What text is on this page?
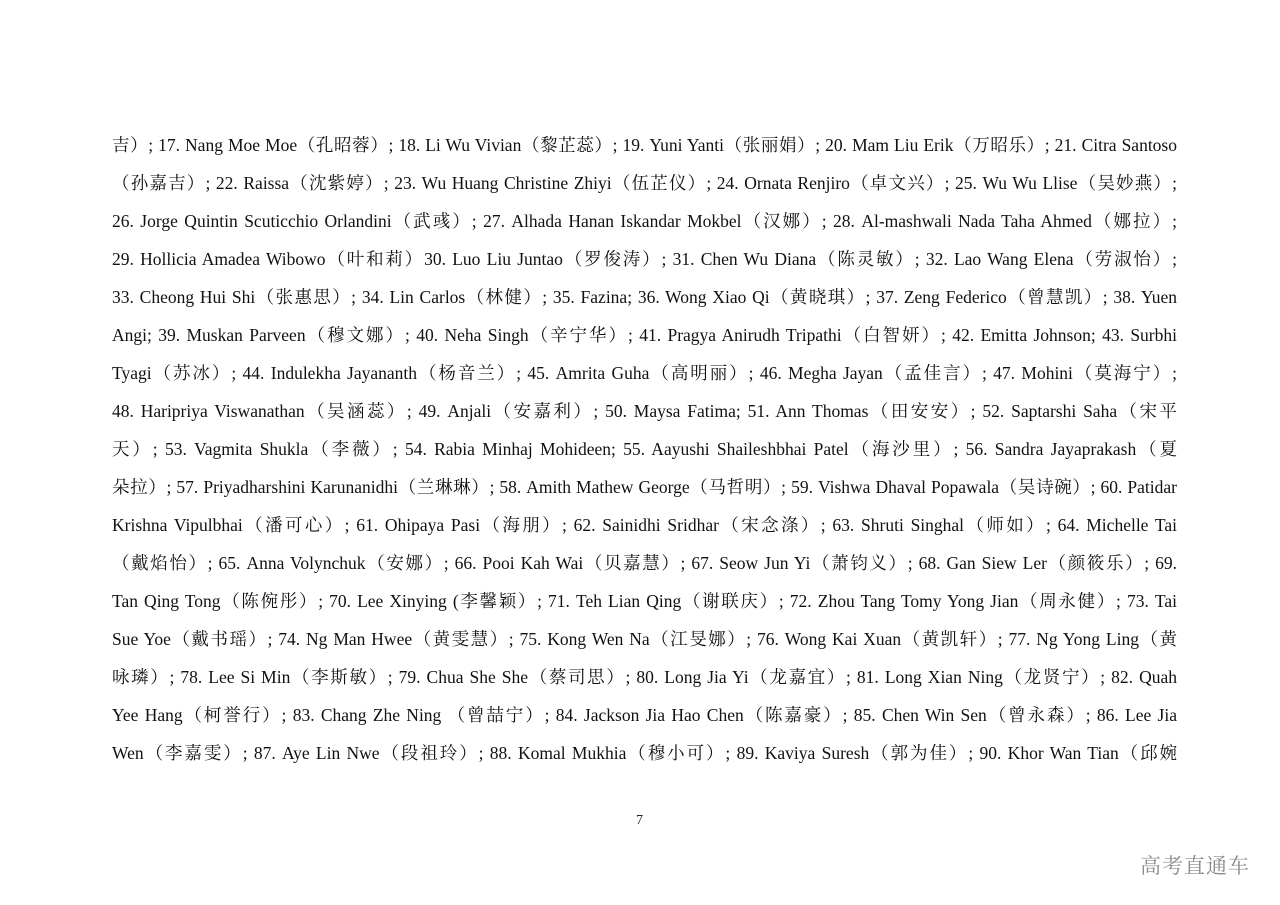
吉）; 17. Nang Moe Moe（孔昭蓉）; 18. Li Wu Vivian（黎芷蕊）; 19. Yuni Yanti（张丽娟）; 20. Mam Liu Erik（万昭乐）; 21. Citra Santoso
（孙嘉吉）; 22. Raissa（沈紫婷）; 23. Wu Huang Christine Zhiyi（伍芷仪）; 24. Ornata Renjiro（卓文兴）; 25. Wu Wu Llise（吴妙燕）;
26. Jorge Quintin Scuticchio Orlandini（武彧）; 27. Alhada Hanan Iskandar Mokbel（汉娜）; 28. Al-mashwali Nada Taha Ahmed（娜拉）;
29. Hollicia Amadea Wibowo（叶和莉）30. Luo Liu Juntao（罗俊涛）; 31. Chen Wu Diana（陈灵敏）; 32. Lao Wang Elena（劳淑怡）;
33. Cheong Hui Shi（张惠思）; 34. Lin Carlos（林健）; 35. Fazina; 36. Wong Xiao Qi（黄晓琪）; 37. Zeng Federico（曾慧凯）; 38. Yuen
Angi; 39. Muskan Parveen（穆文娜）; 40. Neha Singh（辛宁华）; 41. Pragya Anirudh Tripathi（白智妍）; 42. Emitta Johnson; 43. Surbhi
Tyagi（苏冰）; 44. Indulekha Jayananth（杨音兰）; 45. Amrita Guha（高明丽）; 46. Megha Jayan（孟佳言）; 47. Mohini（莫海宁）;
48. Haripriya Viswanathan（吴涵蕊）; 49. Anjali（安嘉利）; 50. Maysa Fatima; 51. Ann Thomas（田安安）; 52. Saptarshi Saha（宋平
天）; 53. Vagmita Shukla（李薇）; 54. Rabia Minhaj Mohideen; 55. Aayushi Shaileshbhai Patel（海沙里）; 56. Sandra Jayaprakash（夏
朵拉）; 57. Priyadharshini Karunanidhi（兰琳琳）; 58. Amith Mathew George（马哲明）; 59. Vishwa Dhaval Popawala（吴诗碗）; 60. Patidar
Krishna Vipulbhai（潘可心）; 61. Ohipaya Pasi（海朋）; 62. Sainidhi Sridhar（宋念涤）; 63. Shruti Singhal（师如）; 64. Michelle Tai
（戴焰怡）; 65. Anna Volynchuk（安娜）; 66. Pooi Kah Wai（贝嘉慧）; 67. Seow Jun Yi（萧钧义）; 68. Gan Siew Ler（颜筱乐）; 69.
Tan Qing Tong（陈倇彤）; 70. Lee Xinying (李馨颖）; 71. Teh Lian Qing（谢联庆）; 72. Zhou Tang Tomy Yong Jian（周永健）; 73. Tai
Sue Yoe（戴书瑶）; 74. Ng Man Hwee（黄雯慧）; 75. Kong Wen Na（江旻娜）; 76. Wong Kai Xuan（黄凯轩）; 77. Ng Yong Ling（黄
咏璘）; 78. Lee Si Min（李斯敏）; 79. Chua She She（蔡司思）; 80. Long Jia Yi（龙嘉宜）; 81. Long Xian Ning（龙贤宁）; 82. Quah
Yee Hang（柯誉行）; 83. Chang Zhe Ning （曾喆宁）; 84. Jackson Jia Hao Chen（陈嘉豪）; 85. Chen Win Sen（曾永森）; 86. Lee Jia
Wen（李嘉雯）; 87. Aye Lin Nwe（段祖玲）; 88. Komal Mukhia（穆小可）; 89. Kaviya Suresh（郭为佳）; 90. Khor Wan Tian（邱婉
7
高考直通车
